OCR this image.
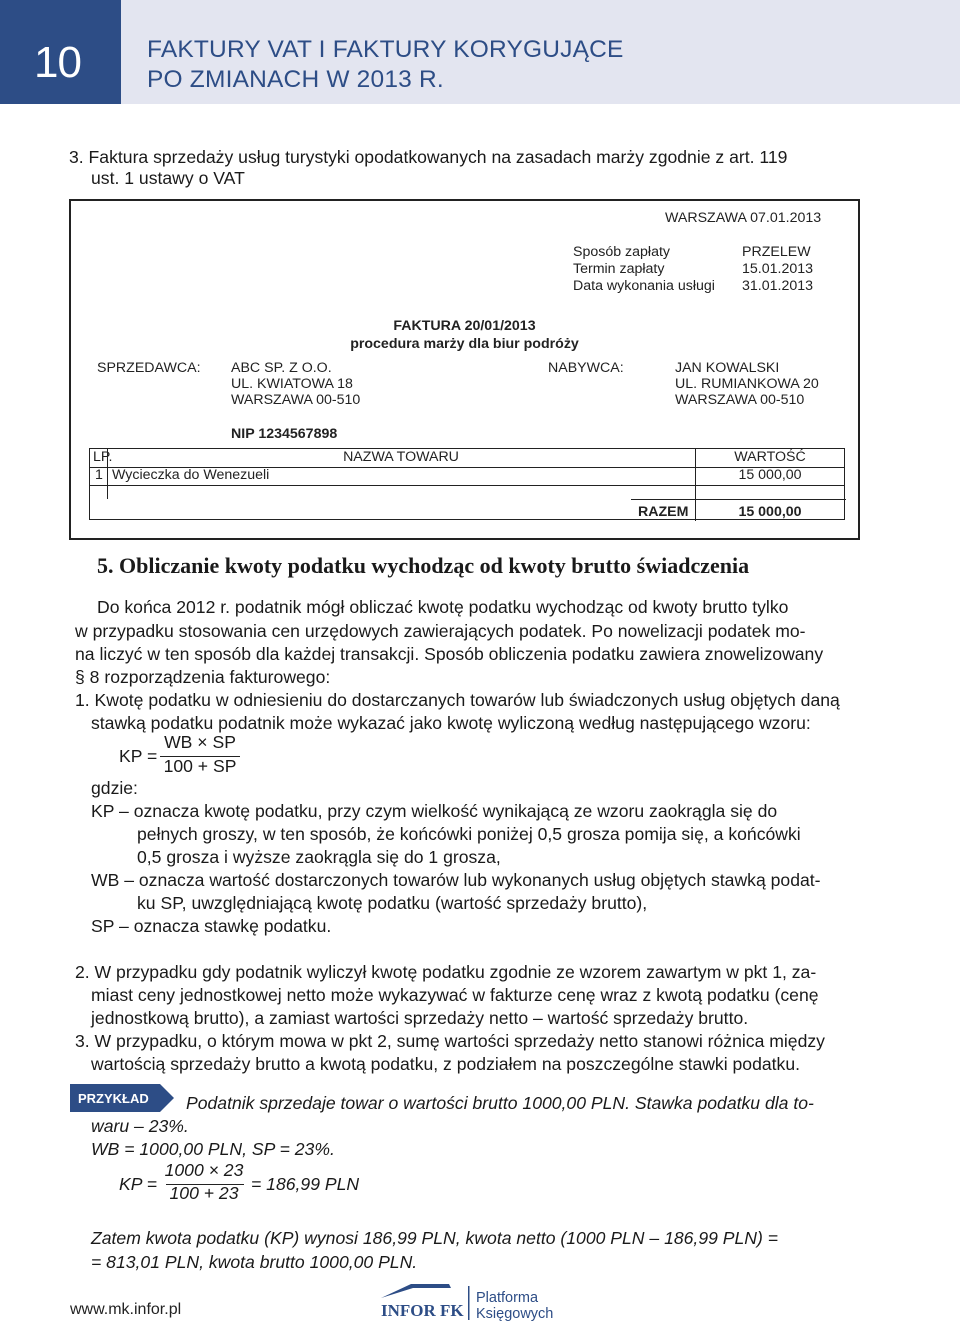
10	FAKTURY VAT I FAKTURY KORYGUJĄCE
PO ZMIANACH W 2013 R.
3. Faktura sprzedaży usług turystyki opodatkowanych na zasadach marży zgodnie z art. 119
ust. 1 ustawy o VAT
WARSZAWA 07.01.2013
Sposób zapłaty	PRZELEW
Termin zapłaty	15.01.2013
Data wykonania usługi 31.01.2013
FAKTURA 20/01/2013
procedura marży dla biur podróży
SPRZEDAWCA: ABC SP. Z O.O.
UL. KWIATOWA 18
WARSZAWA 00-510
NIP 1234567898
NABYWCA:	JAN KOWALSKI
UL. RUMIANKOWA 20
WARSZAWA 00-510
LP.	NAZWA TOWARU	WARTOŚĆ
1 Wycieczka do Wenezueli	15 000,00
RAZEM	15 000,00
5. Obliczanie kwoty podatku wychodząc od kwoty brutto świadczenia
Do końca 2012 r. podatnik mógł obliczać kwotę podatku wychodząc od kwoty brutto tylko
w przypadku stosowania cen urzędowych zawierających podatek. Po nowelizacji podatek mo-
na liczyć w ten sposób dla każdej transakcji. Sposób obliczenia podatku zawiera znowelizowany
§ 8 rozporządzenia fakturowego:
1. Kwotę podatku w odniesieniu do dostarczanych towarów lub świadczonych usług objętych daną
stawką podatku podatnik może wykazać jako kwotę wyliczoną według następującego wzoru:
KP =
WB × SP
100 + SP
gdzie:
KP – oznacza kwotę podatku, przy czym wielkość wynikającą ze wzoru zaokrągla się do
pełnych groszy, w ten sposób, że końcówki poniżej 0,5 grosza pomija się, a końcówki
0,5 grosza i wyższe zaokrągla się do 1 grosza,
WB – oznacza wartość dostarczonych towarów lub wykonanych usług objętych stawką podat-
ku SP, uwzględniającą kwotę podatku (wartość sprzedaży brutto),
SP – oznacza stawkę podatku.
2. W przypadku gdy podatnik wyliczył kwotę podatku zgodnie ze wzorem zawartym w pkt 1, za-
miast ceny jednostkowej netto może wykazywać w fakturze cenę wraz z kwotą podatku (cenę
jednostkową brutto), a zamiast wartości sprzedaży netto – wartość sprzedaży brutto.
3. W przypadku, o którym mowa w pkt 2, sumę wartości sprzedaży netto stanowi różnica między
wartością sprzedaży brutto a kwotą podatku, z podziałem na poszczególne stawki podatku.
PRZYKŁAD Podatnik sprzedaje towar o wartości brutto 1000,00 PLN. Stawka podatku dla to-
waru – 23%.
WB = 1000,00 PLN, SP = 23%.
KP =
1000 × 23
100 + 23 = 186,99 PLN
Zatem kwota podatku (KP) wynosi 186,99 PLN, kwota netto (1000 PLN – 186,99 PLN) =
= 813,01 PLN, kwota brutto 1000,00 PLN.
www.mk.infor.pl	INFOR FK
Platforma
Księgowych
